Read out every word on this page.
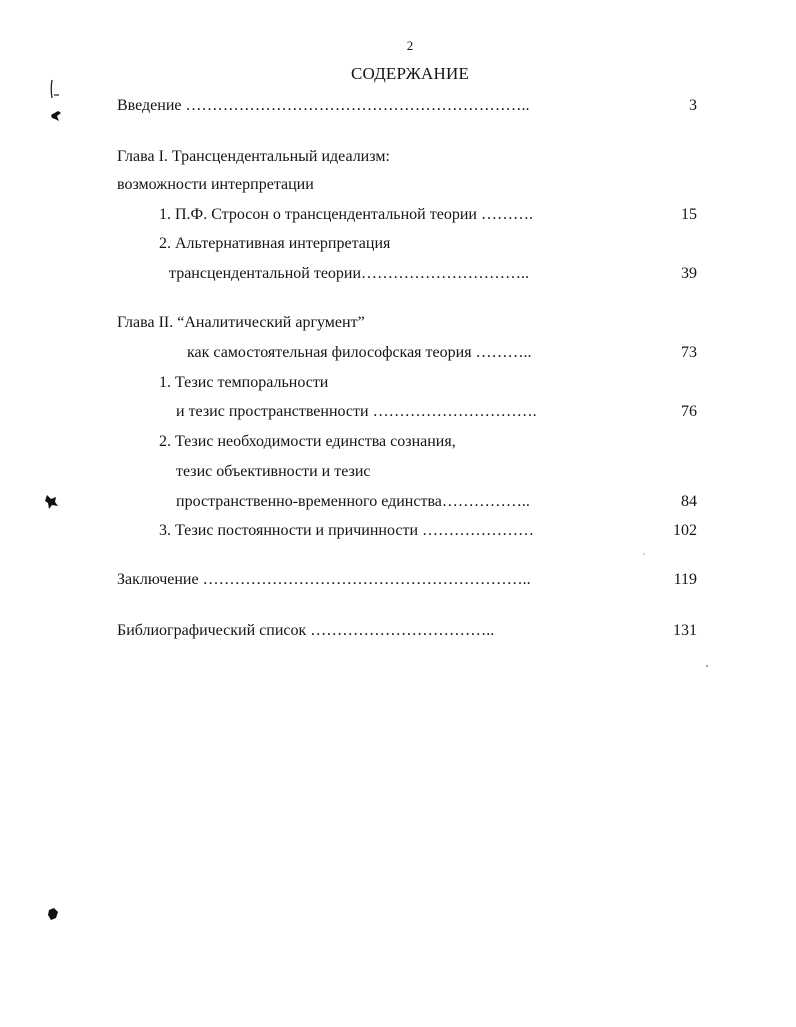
2
СОДЕРЖАНИЕ
Введение ………………………………………………………..	3
Глава I. Трансцендентальный идеализм:
возможности интерпретации
1. П.Ф. Стросон о трансцендентальной теории ……….	15
2. Альтернативная интерпретация
трансцендентальной теории…………………………..	39
Глава II. “Аналитический аргумент”
как самостоятельная философская теория ………..	73
1. Тезис темпоральности
и тезис пространственности ………………………….	76
2. Тезис необходимости единства сознания,
тезис объективности и тезис
пространственно-временного единства……………..	84
3. Тезис постоянности и причинности …………………	102
Заключение ……………………………………………………..	119
Библиографический список ……………………………..	131
